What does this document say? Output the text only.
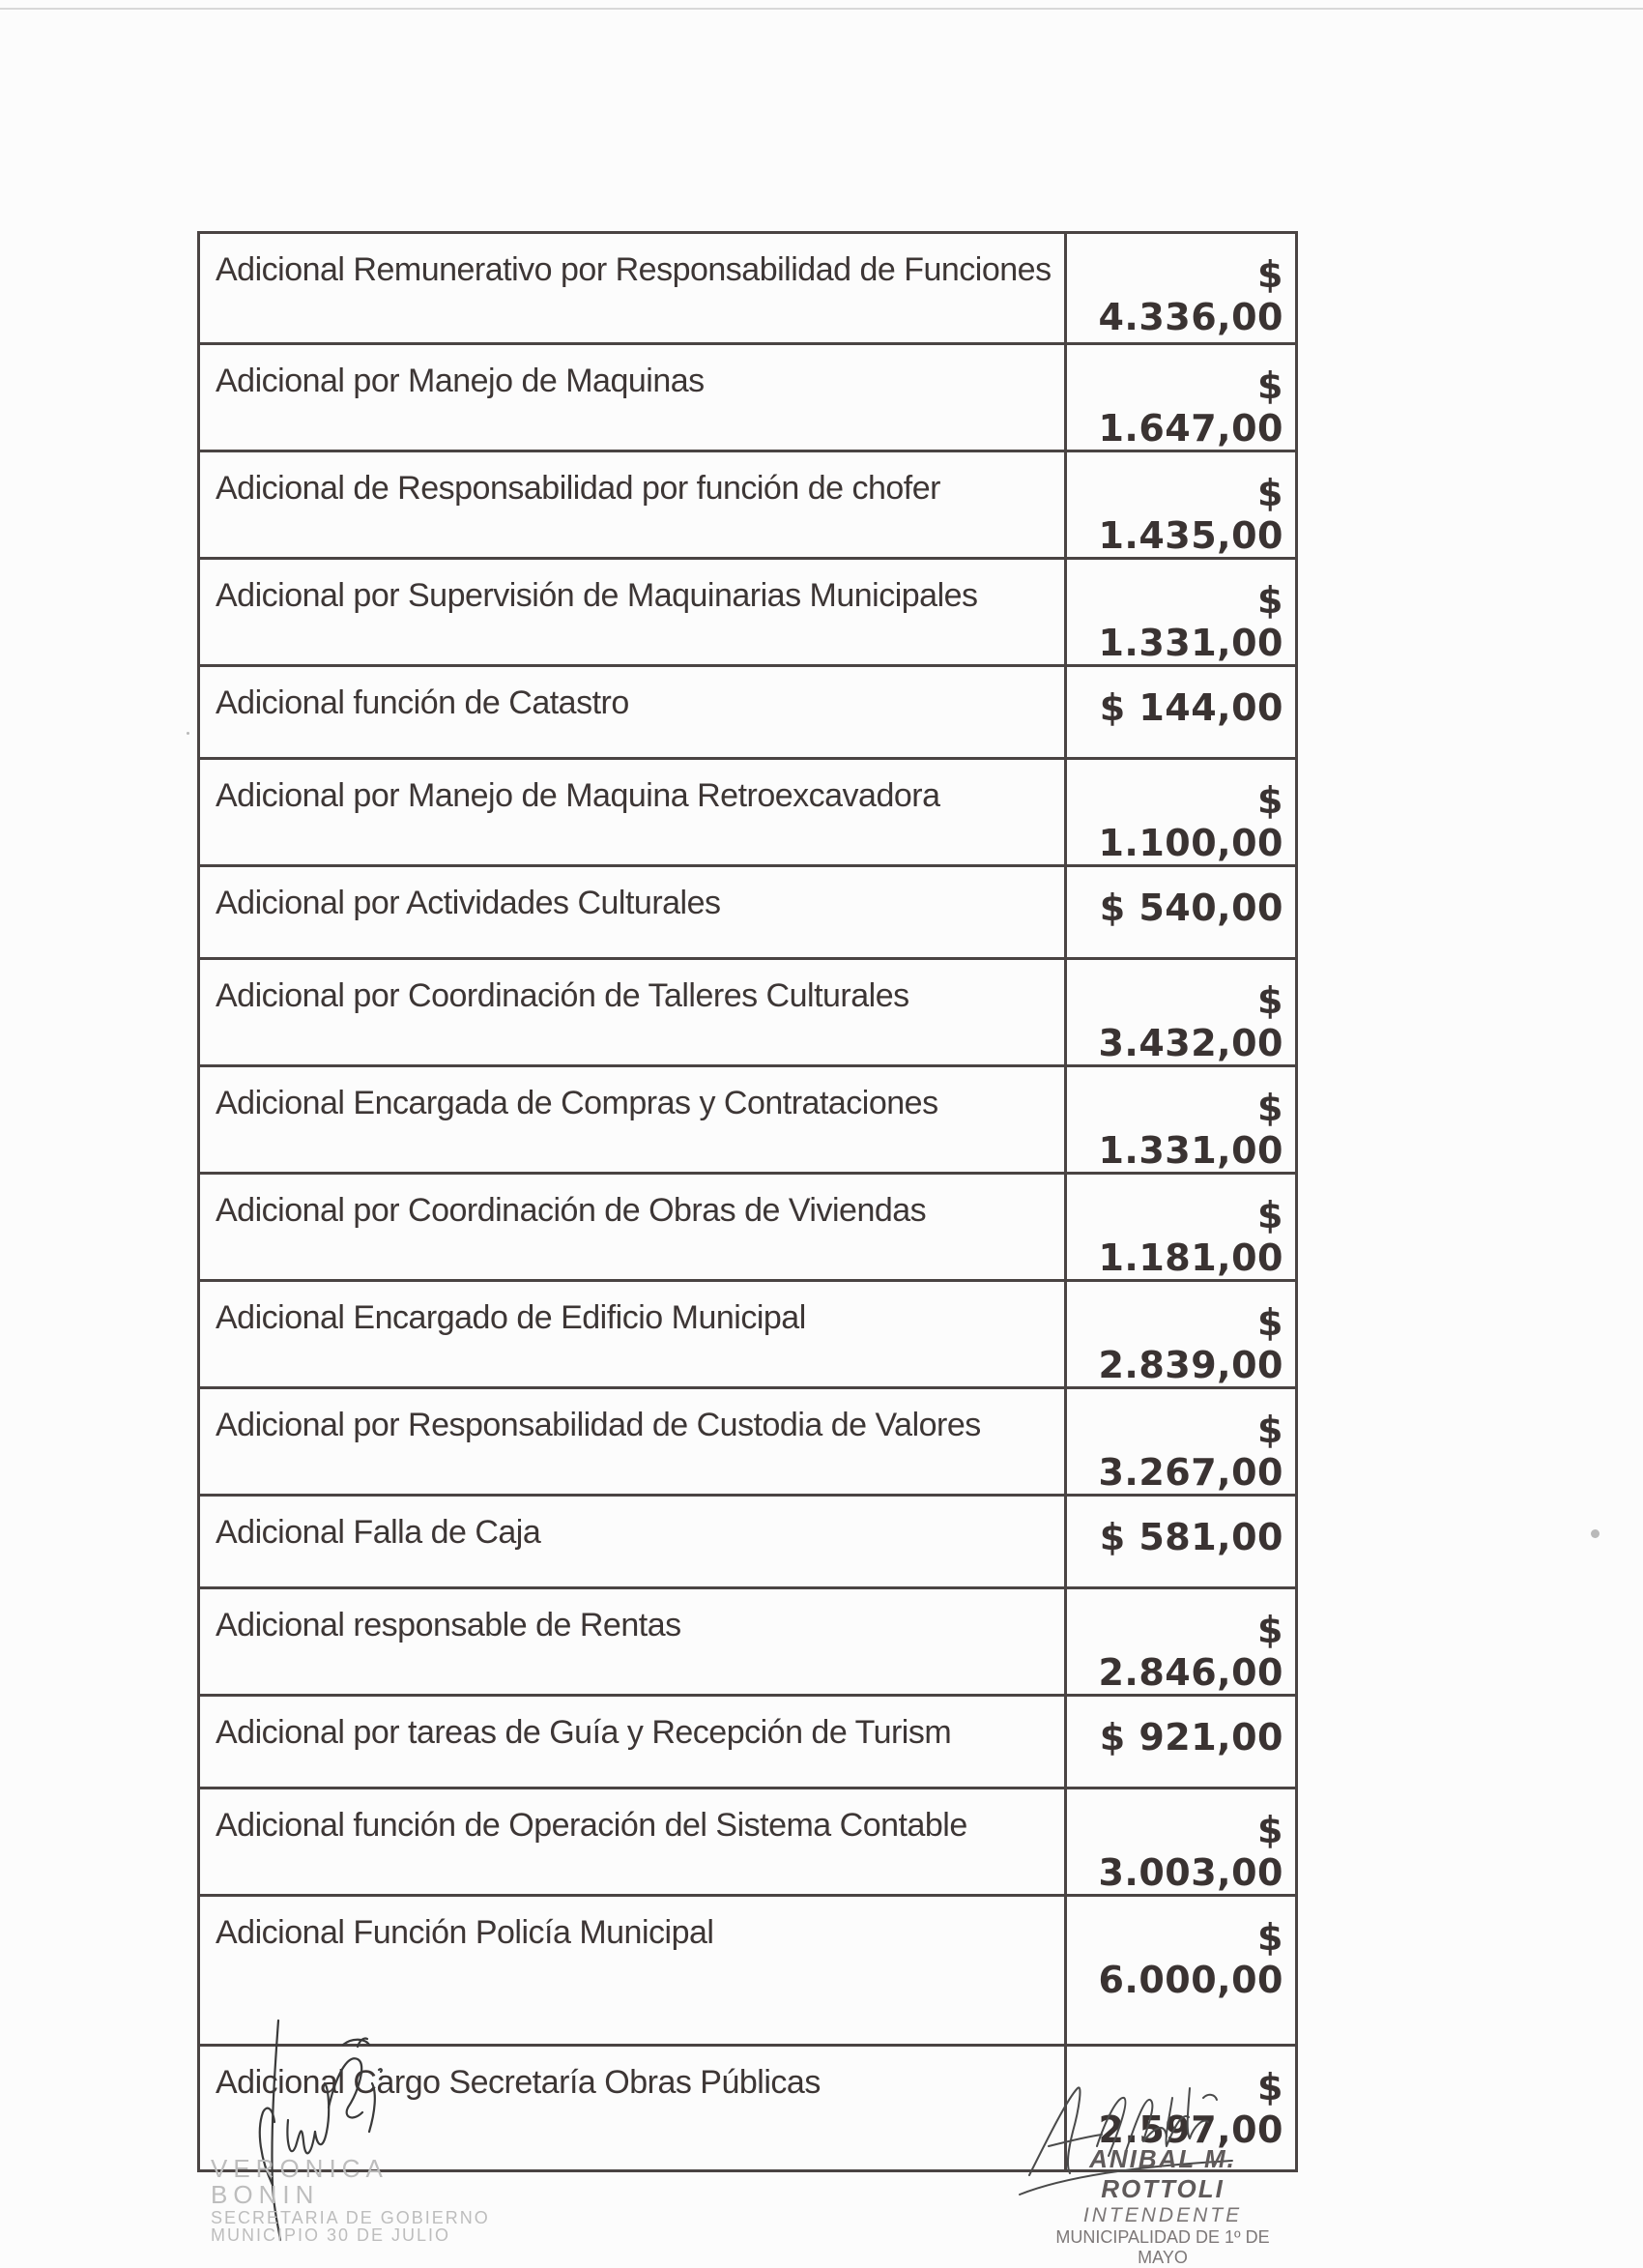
Adicional Remunerativo por Responsabilidad de Funciones	$ 4.336,00
Adicional por Manejo de Maquinas	$ 1.647,00
Adicional de Responsabilidad por función de chofer	$ 1.435,00
Adicional por Supervisión de Maquinarias Municipales	$ 1.331,00
Adicional función de Catastro	$ 144,00
Adicional por Manejo de Maquina Retroexcavadora	$ 1.100,00
Adicional por Actividades Culturales	$ 540,00
Adicional por Coordinación de Talleres Culturales	$ 3.432,00
Adicional Encargada de Compras y Contrataciones	$ 1.331,00
Adicional por Coordinación de Obras de Viviendas	$ 1.181,00
Adicional Encargado de Edificio Municipal	$ 2.839,00
Adicional por Responsabilidad de Custodia de Valores	$ 3.267,00
Adicional Falla de Caja	$ 581,00
Adicional responsable de Rentas	$ 2.846,00
Adicional por tareas de Guía y Recepción de Turism	$ 921,00
Adicional función de Operación del Sistema Contable	$ 3.003,00
Adicional Función Policía Municipal	$ 6.000,00
Adicional Cargo Secretaría Obras Públicas	$ 2.597,00
VERONICA BONIN
SECRETARIA DE GOBIERNO
MUNICIPIO 30 DE JULIO
ANIBAL M. ROTTOLI
INTENDENTE
MUNICIPALIDAD DE 1º DE MAYO
